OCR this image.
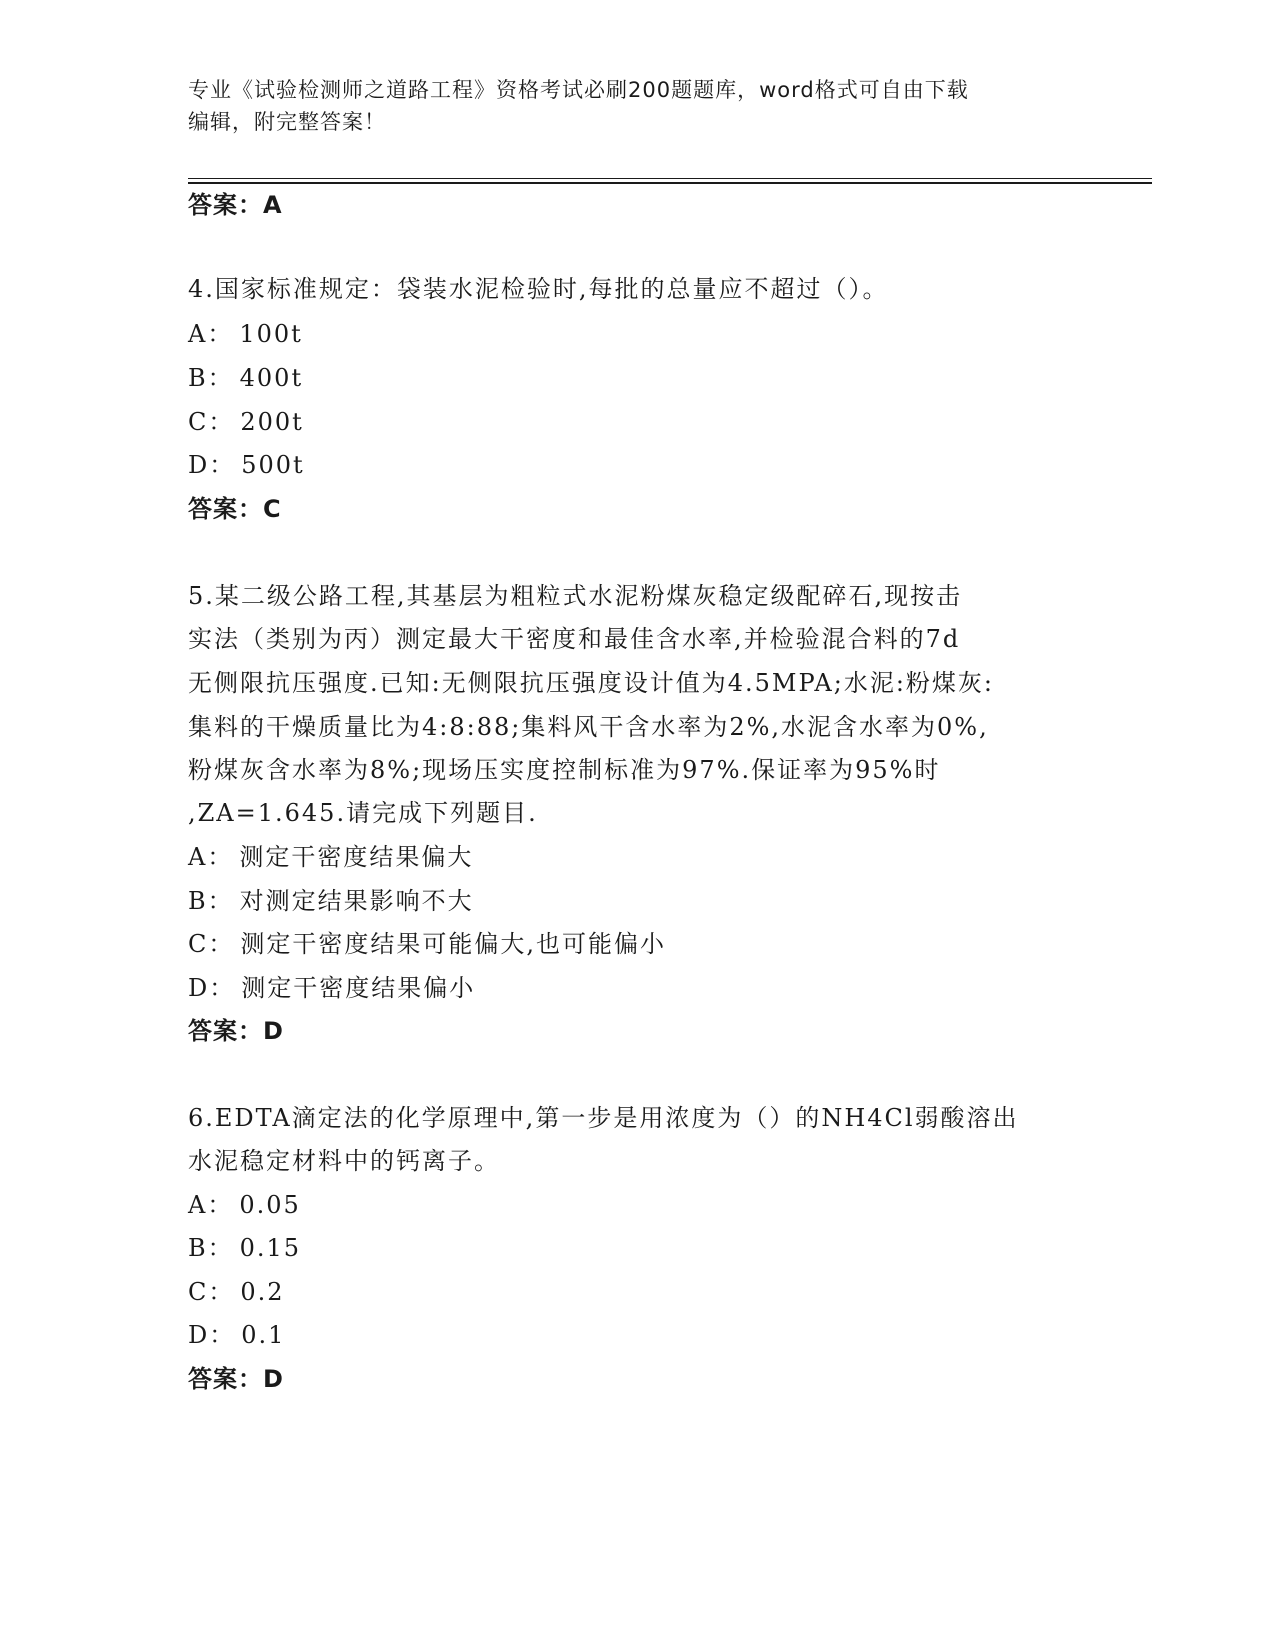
专业《试验检测师之道路工程》资格考试必刷200题题库，word格式可自由下载
编辑，附完整答案！
答案：A
4.国家标准规定：袋装水泥检验时,每批的总量应不超过（）。
A： 100t
B： 400t
C： 200t
D： 500t
答案：C
5.某二级公路工程,其基层为粗粒式水泥粉煤灰稳定级配碎石,现按击
实法（类别为丙）测定最大干密度和最佳含水率,并检验混合料的7d
无侧限抗压强度.已知:无侧限抗压强度设计值为4.5MPA;水泥:粉煤灰:
集料的干燥质量比为4:8:88;集料风干含水率为2%,水泥含水率为0%,
粉煤灰含水率为8%;现场压实度控制标准为97%.保证率为95%时
,ZA=1.645.请完成下列题目.
A： 测定干密度结果偏大
B： 对测定结果影响不大
C： 测定干密度结果可能偏大,也可能偏小
D： 测定干密度结果偏小
答案：D
6.EDTA滴定法的化学原理中,第一步是用浓度为（）的NH4Cl弱酸溶出
水泥稳定材料中的钙离子。
A： 0.05
B： 0.15
C： 0.2
D： 0.1
答案：D
